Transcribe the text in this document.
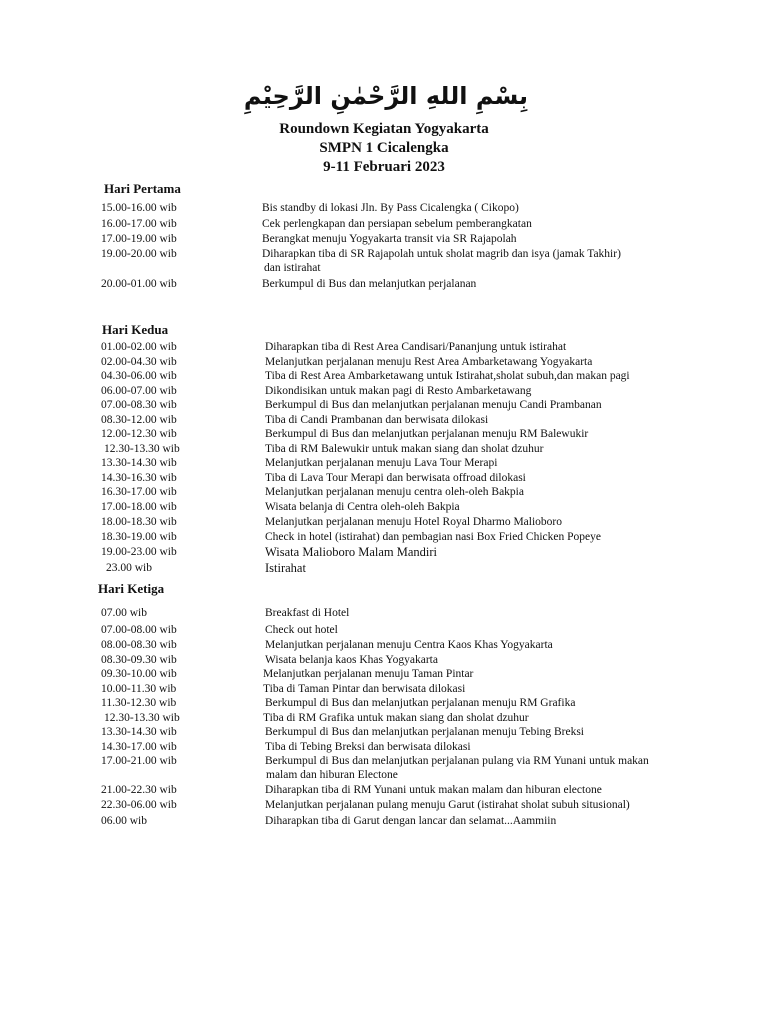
بِسْمِ اللهِ الرَّحْمٰنِ الرَّحِيْمِ

Roundown Kegiatan Yogyakarta

SMPN 1 Cicalengka

9-11 Februari 2023

Hari Pertama
15.00-16.00 wib	Bis standby di lokasi Jln. By Pass Cicalengka ( Cikopo)
16.00-17.00 wib	Cek perlengkapan dan persiapan sebelum pemberangkatan
17.00-19.00 wib	Berangkat menuju Yogyakarta transit via SR Rajapolah
19.00-20.00 wib	Diharapkan tiba di SR Rajapolah untuk sholat magrib dan isya (jamak Takhir)
dan istirahat
20.00-01.00 wib	Berkumpul di Bus dan melanjutkan perjalanan
Hari Kedua
01.00-02.00 wib	Diharapkan tiba di Rest Area Candisari/Pananjung untuk istirahat
02.00-04.30 wib	Melanjutkan perjalanan menuju Rest Area Ambarketawang Yogyakarta
04.30-06.00 wib	Tiba di Rest Area Ambarketawang untuk Istirahat,sholat subuh,dan makan pagi
06.00-07.00 wib	Dikondisikan untuk makan pagi di Resto Ambarketawang
07.00-08.30 wib	Berkumpul di Bus dan melanjutkan perjalanan menuju Candi Prambanan
08.30-12.00 wib	Tiba di Candi Prambanan dan berwisata dilokasi
12.00-12.30 wib	Berkumpul di Bus dan melanjutkan perjalanan menuju RM Balewukir
12.30-13.30 wib	Tiba di RM Balewukir untuk makan siang dan sholat dzuhur
13.30-14.30 wib	Melanjutkan perjalanan menuju Lava Tour Merapi
14.30-16.30 wib	Tiba di Lava Tour Merapi dan berwisata offroad dilokasi
16.30-17.00 wib	Melanjutkan perjalanan menuju centra oleh-oleh Bakpia
17.00-18.00 wib	Wisata belanja di Centra oleh-oleh Bakpia
18.00-18.30 wib	Melanjutkan perjalanan menuju Hotel Royal Dharmo Malioboro
18.30-19.00 wib	Check in hotel (istirahat) dan pembagian nasi Box Fried Chicken Popeye
19.00-23.00 wib	Wisata Malioboro Malam Mandiri
23.00 wib	Istirahat
Hari Ketiga
07.00 wib	Breakfast di Hotel
07.00-08.00 wib	Check out hotel
08.00-08.30 wib	Melanjutkan perjalanan menuju Centra Kaos Khas Yogyakarta
08.30-09.30 wib	Wisata belanja kaos Khas Yogyakarta
09.30-10.00 wib	Melanjutkan perjalanan menuju Taman Pintar
10.00-11.30 wib	Tiba di Taman Pintar dan berwisata dilokasi
11.30-12.30 wib	Berkumpul di Bus dan melanjutkan perjalanan menuju RM Grafika
12.30-13.30 wib	Tiba di RM Grafika untuk makan siang dan sholat dzuhur
13.30-14.30 wib	Berkumpul di Bus dan melanjutkan perjalanan menuju Tebing Breksi
14.30-17.00 wib	Tiba di Tebing Breksi dan berwisata dilokasi
17.00-21.00 wib	Berkumpul di Bus dan melanjutkan perjalanan pulang via RM Yunani untuk makan
malam dan hiburan Electone
21.00-22.30 wib	Diharapkan tiba di RM Yunani untuk makan malam dan hiburan electone
22.30-06.00 wib	Melanjutkan perjalanan pulang menuju Garut (istirahat sholat subuh situsional)
06.00 wib	Diharapkan tiba di Garut dengan lancar dan selamat...Aammiin
